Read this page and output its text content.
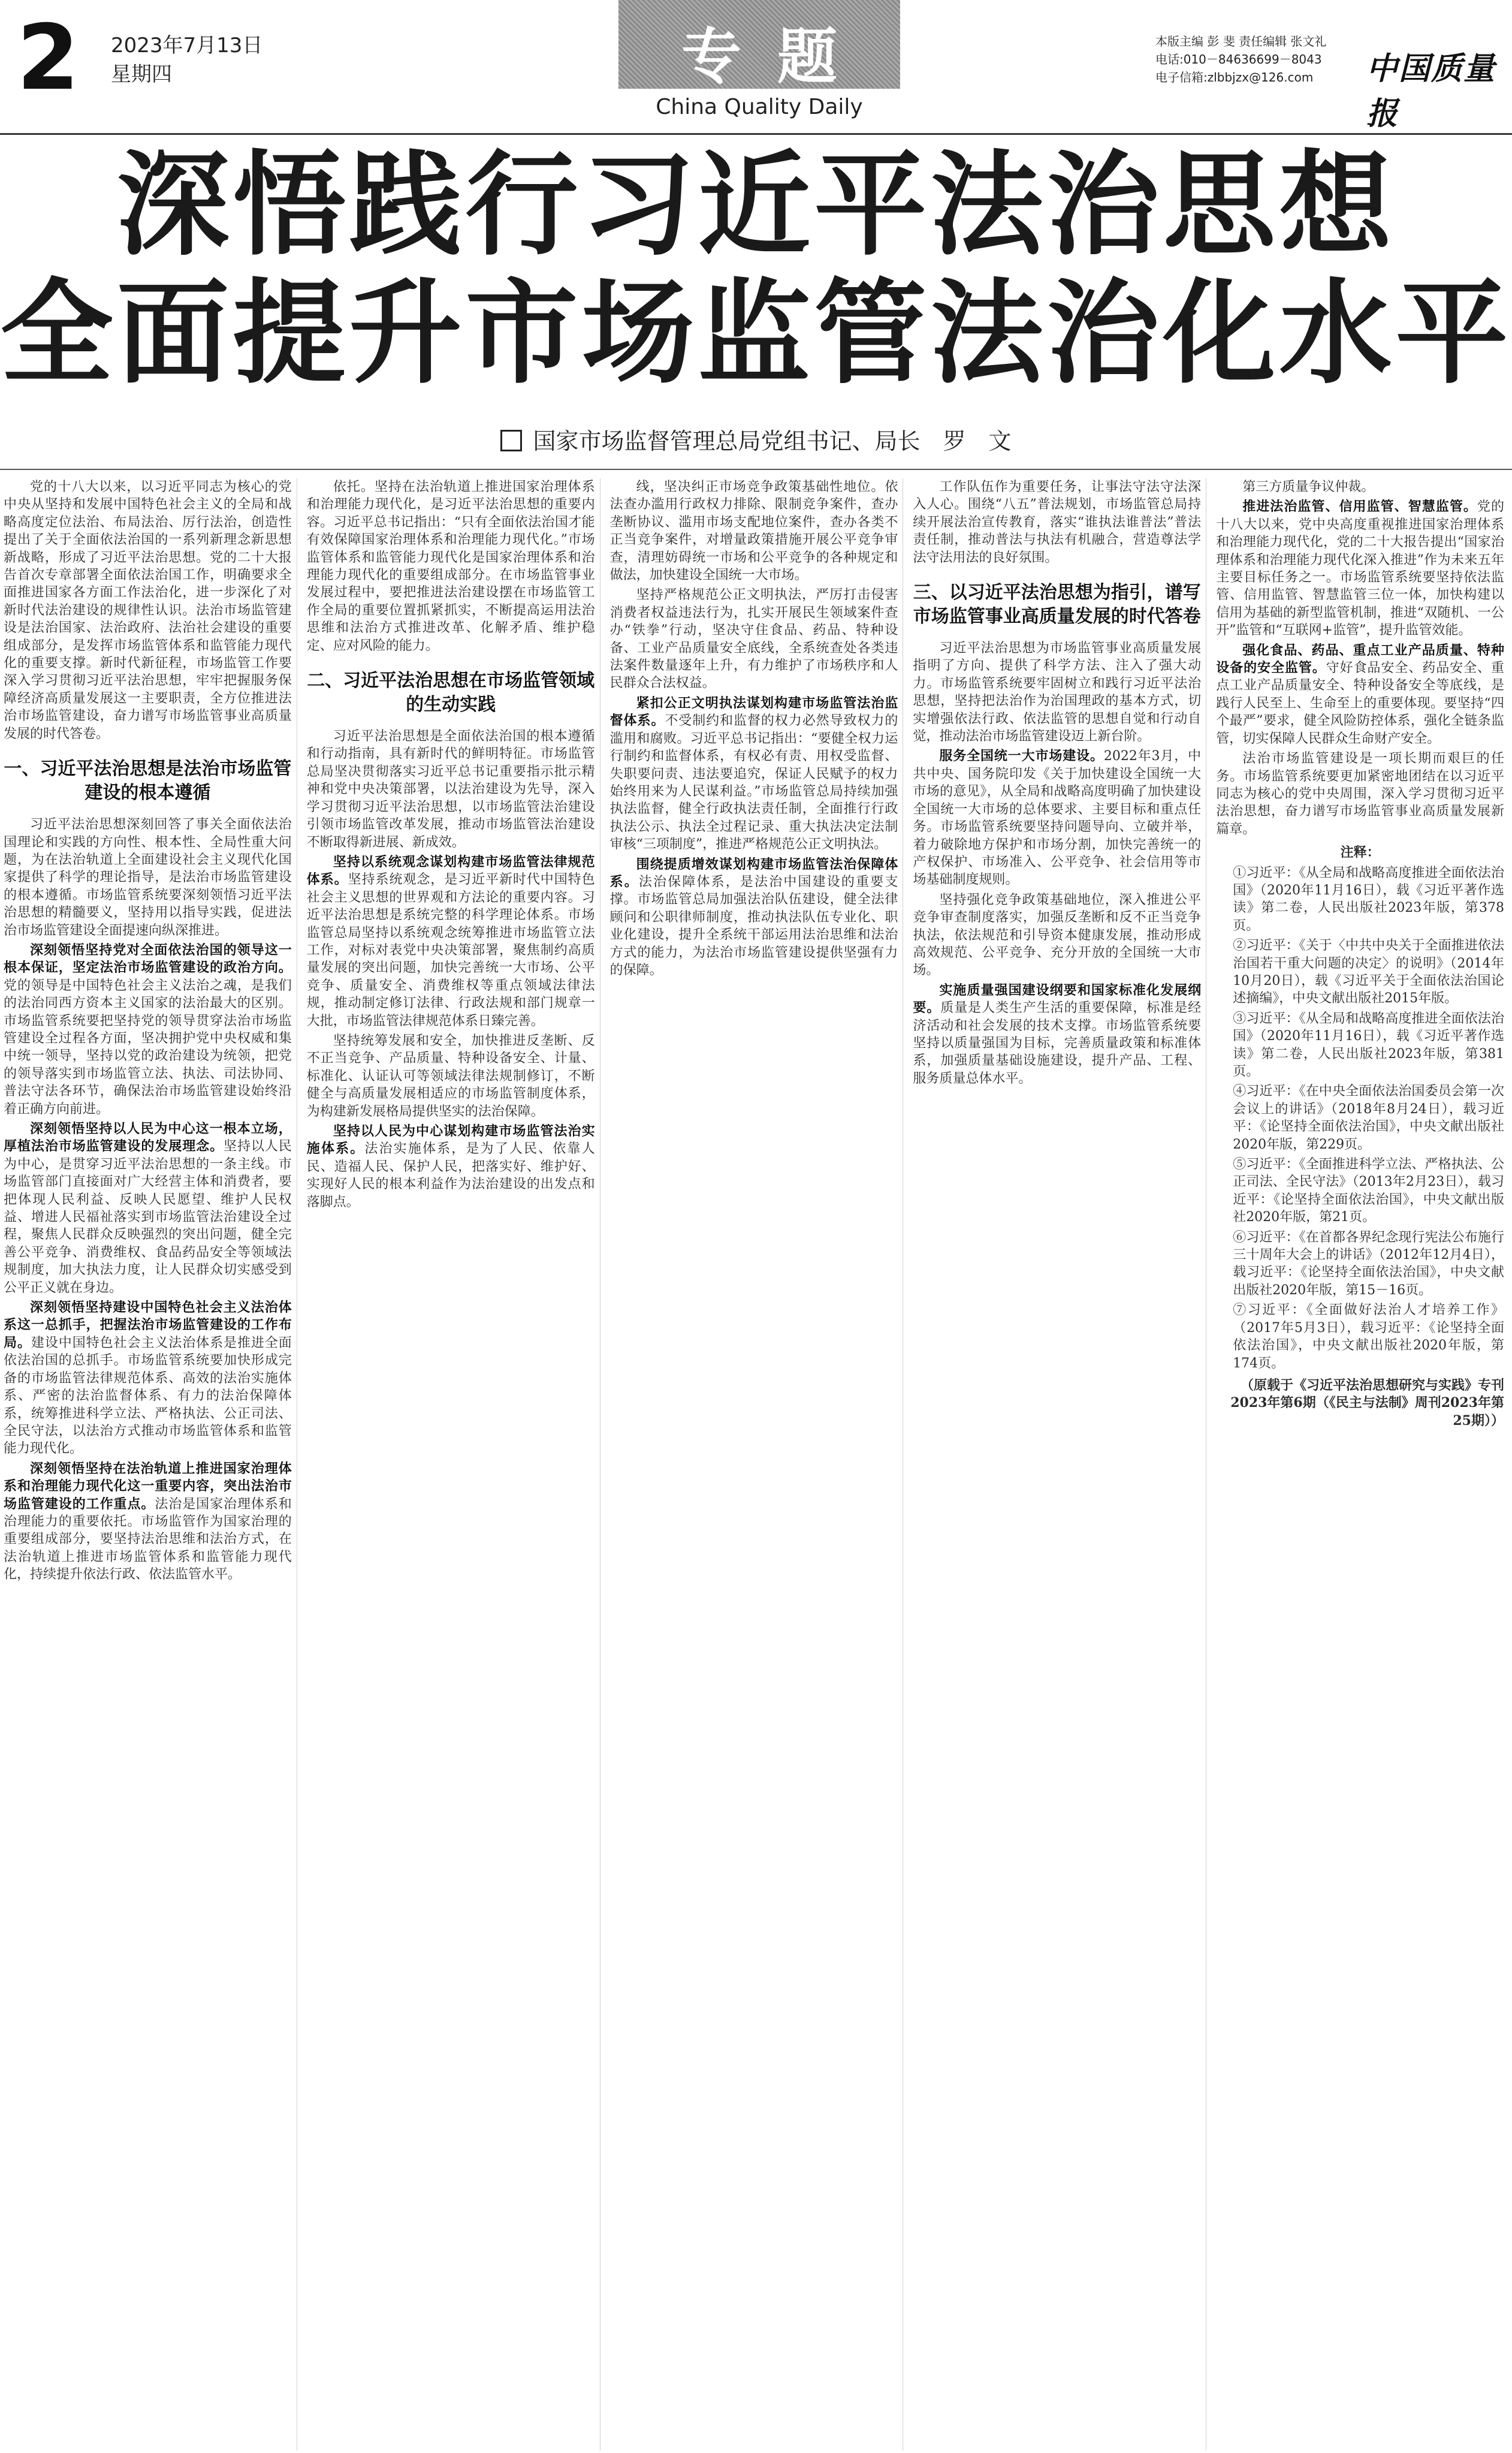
2 2023年7月13日
星期四	专题
China Quality Daily
本版主编 彭 斐 责任编辑 张文礼
电话:010－84636699－8043
电子信箱:zlbbjzx@126.com	中国质量报
深悟践行习近平法治思想
全面提升市场监管法治化水平
国家市场监督管理总局党组书记、局长　罗　文

党的十八大以来，以习近平同志为核心的党中央从坚持和发展中国特色社会主义的全局和战略高度定位法治、布局法治、厉行法治，创造性提出了关于全面依法治国的一系列新理念新思想新战略，形成了习近平法治思想。党的二十大报告首次专章部署全面依法治国工作，明确要求全面推进国家各方面工作法治化，进一步深化了对新时代法治建设的规律性认识。法治市场监管建设是法治国家、法治政府、法治社会建设的重要组成部分，是发挥市场监管体系和监管能力现代化的重要支撑。新时代新征程，市场监管工作要深入学习贯彻习近平法治思想，牢牢把握服务保障经济高质量发展这一主要职责，全方位推进法治市场监管建设，奋力谱写市场监管事业高质量发展的时代答卷。

一、习近平法治思想是法治市场监管建设的根本遵循

习近平法治思想深刻回答了事关全面依法治国理论和实践的方向性、根本性、全局性重大问题，为在法治轨道上全面建设社会主义现代化国家提供了科学的理论指导，是法治市场监管建设的根本遵循。市场监管系统要深刻领悟习近平法治思想的精髓要义，坚持用以指导实践，促进法治市场监管建设全面提速向纵深推进。

深刻领悟坚持党对全面依法治国的领导这一根本保证，坚定法治市场监管建设的政治方向。党的领导是中国特色社会主义法治之魂，是我们的法治同西方资本主义国家的法治最大的区别。市场监管系统要把坚持党的领导贯穿法治市场监管建设全过程各方面，坚决拥护党中央权威和集中统一领导，坚持以党的政治建设为统领，把党的领导落实到市场监管立法、执法、司法协同、普法守法各环节，确保法治市场监管建设始终沿着正确方向前进。

深刻领悟坚持以人民为中心这一根本立场，厚植法治市场监管建设的发展理念。坚持以人民为中心，是贯穿习近平法治思想的一条主线。市场监管部门直接面对广大经营主体和消费者，要把体现人民利益、反映人民愿望、维护人民权益、增进人民福祉落实到市场监管法治建设全过程，聚焦人民群众反映强烈的突出问题，健全完善公平竞争、消费维权、食品药品安全等领域法规制度，加大执法力度，让人民群众切实感受到公平正义就在身边。

深刻领悟坚持建设中国特色社会主义法治体系这一总抓手，把握法治市场监管建设的工作布局。建设中国特色社会主义法治体系是推进全面依法治国的总抓手。市场监管系统要加快形成完备的市场监管法律规范体系、高效的法治实施体系、严密的法治监督体系、有力的法治保障体系，统筹推进科学立法、严格执法、公正司法、全民守法，以法治方式推动市场监管体系和监管能力现代化。

深刻领悟坚持在法治轨道上推进国家治理体系和治理能力现代化这一重要内容，突出法治市场监管建设的工作重点。法治是国家治理体系和治理能力的重要依托。市场监管作为国家治理的重要组成部分，要坚持法治思维和法治方式，在法治轨道上推进市场监管体系和监管能力现代化，持续提升依法行政、依法监管水平。

依托。坚持在法治轨道上推进国家治理体系和治理能力现代化，是习近平法治思想的重要内容。习近平总书记指出：“只有全面依法治国才能有效保障国家治理体系和治理能力现代化。”市场监管体系和监管能力现代化是国家治理体系和治理能力现代化的重要组成部分。在市场监管事业发展过程中，要把推进法治建设摆在市场监管工作全局的重要位置抓紧抓实，不断提高运用法治思维和法治方式推进改革、化解矛盾、维护稳定、应对风险的能力。

二、习近平法治思想在市场监管领域的生动实践

习近平法治思想是全面依法治国的根本遵循和行动指南，具有新时代的鲜明特征。市场监管总局坚决贯彻落实习近平总书记重要指示批示精神和党中央决策部署，以法治建设为先导，深入学习贯彻习近平法治思想，以市场监管法治建设引领市场监管改革发展，推动市场监管法治建设不断取得新进展、新成效。

坚持以系统观念谋划构建市场监管法律规范体系。坚持系统观念，是习近平新时代中国特色社会主义思想的世界观和方法论的重要内容。习近平法治思想是系统完整的科学理论体系。市场监管总局坚持以系统观念统筹推进市场监管立法工作，对标对表党中央决策部署，聚焦制约高质量发展的突出问题，加快完善统一大市场、公平竞争、质量安全、消费维权等重点领域法律法规，推动制定修订法律、行政法规和部门规章一大批，市场监管法律规范体系日臻完善。

坚持统筹发展和安全，加快推进反垄断、反不正当竞争、产品质量、特种设备安全、计量、标准化、认证认可等领域法律法规制修订，不断健全与高质量发展相适应的市场监管制度体系，为构建新发展格局提供坚实的法治保障。

坚持以人民为中心谋划构建市场监管法治实施体系。法治实施体系，是为了人民、依靠人民、造福人民、保护人民，把落实好、维护好、实现好人民的根本利益作为法治建设的出发点和落脚点。

线，坚决纠正市场竞争政策基础性地位。依法查办滥用行政权力排除、限制竞争案件，查办垄断协议、滥用市场支配地位案件，查办各类不正当竞争案件，对增量政策措施开展公平竞争审查，清理妨碍统一市场和公平竞争的各种规定和做法，加快建设全国统一大市场。

坚持严格规范公正文明执法，严厉打击侵害消费者权益违法行为，扎实开展民生领域案件查办“铁拳”行动，坚决守住食品、药品、特种设备、工业产品质量安全底线，全系统查处各类违法案件数量逐年上升，有力维护了市场秩序和人民群众合法权益。

紧扣公正文明执法谋划构建市场监管法治监督体系。不受制约和监督的权力必然导致权力的滥用和腐败。习近平总书记指出：“要健全权力运行制约和监督体系，有权必有责、用权受监督、失职要问责、违法要追究，保证人民赋予的权力始终用来为人民谋利益。”市场监管总局持续加强执法监督，健全行政执法责任制，全面推行行政执法公示、执法全过程记录、重大执法决定法制审核“三项制度”，推进严格规范公正文明执法。

围绕提质增效谋划构建市场监管法治保障体系。法治保障体系，是法治中国建设的重要支撑。市场监管总局加强法治队伍建设，健全法律顾问和公职律师制度，推动执法队伍专业化、职业化建设，提升全系统干部运用法治思维和法治方式的能力，为法治市场监管建设提供坚强有力的保障。

工作队伍作为重要任务，让事法守法守法深入人心。围绕“八五”普法规划，市场监管总局持续开展法治宣传教育，落实“谁执法谁普法”普法责任制，推动普法与执法有机融合，营造尊法学法守法用法的良好氛围。

三、以习近平法治思想为指引，谱写市场监管事业高质量发展的时代答卷

习近平法治思想为市场监管事业高质量发展指明了方向、提供了科学方法、注入了强大动力。市场监管系统要牢固树立和践行习近平法治思想，坚持把法治作为治国理政的基本方式，切实增强依法行政、依法监管的思想自觉和行动自觉，推动法治市场监管建设迈上新台阶。

服务全国统一大市场建设。2022年3月，中共中央、国务院印发《关于加快建设全国统一大市场的意见》，从全局和战略高度明确了加快建设全国统一大市场的总体要求、主要目标和重点任务。市场监管系统要坚持问题导向、立破并举，着力破除地方保护和市场分割，加快完善统一的产权保护、市场准入、公平竞争、社会信用等市场基础制度规则。

坚持强化竞争政策基础地位，深入推进公平竞争审查制度落实，加强反垄断和反不正当竞争执法，依法规范和引导资本健康发展，推动形成高效规范、公平竞争、充分开放的全国统一大市场。

实施质量强国建设纲要和国家标准化发展纲要。质量是人类生产生活的重要保障，标准是经济活动和社会发展的技术支撑。市场监管系统要坚持以质量强国为目标，完善质量政策和标准体系，加强质量基础设施建设，提升产品、工程、服务质量总体水平。

第三方质量争议仲裁。

推进法治监管、信用监管、智慧监管。党的十八大以来，党中央高度重视推进国家治理体系和治理能力现代化，党的二十大报告提出“国家治理体系和治理能力现代化深入推进”作为未来五年主要目标任务之一。市场监管系统要坚持依法监管、信用监管、智慧监管三位一体，加快构建以信用为基础的新型监管机制，推进“双随机、一公开”监管和“互联网+监管”，提升监管效能。

强化食品、药品、重点工业产品质量、特种设备的安全监管。守好食品安全、药品安全、重点工业产品质量安全、特种设备安全等底线，是践行人民至上、生命至上的重要体现。要坚持“四个最严”要求，健全风险防控体系，强化全链条监管，切实保障人民群众生命财产安全。

法治市场监管建设是一项长期而艰巨的任务。市场监管系统要更加紧密地团结在以习近平同志为核心的党中央周围，深入学习贯彻习近平法治思想，奋力谱写市场监管事业高质量发展新篇章。

注释：

①习近平：《从全局和战略高度推进全面依法治国》（2020年11月16日），载《习近平著作选读》第二卷，人民出版社2023年版，第378页。

②习近平：《关于〈中共中央关于全面推进依法治国若干重大问题的决定〉的说明》（2014年10月20日），载《习近平关于全面依法治国论述摘编》，中央文献出版社2015年版。

③习近平：《从全局和战略高度推进全面依法治国》（2020年11月16日），载《习近平著作选读》第二卷，人民出版社2023年版，第381页。

④习近平：《在中央全面依法治国委员会第一次会议上的讲话》（2018年8月24日），载习近平：《论坚持全面依法治国》，中央文献出版社2020年版，第229页。

⑤习近平：《全面推进科学立法、严格执法、公正司法、全民守法》（2013年2月23日），载习近平：《论坚持全面依法治国》，中央文献出版社2020年版，第21页。

⑥习近平：《在首都各界纪念现行宪法公布施行三十周年大会上的讲话》（2012年12月4日），载习近平：《论坚持全面依法治国》，中央文献出版社2020年版，第15－16页。

⑦习近平：《全面做好法治人才培养工作》（2017年5月3日），载习近平：《论坚持全面依法治国》，中央文献出版社2020年版，第174页。

（原载于《习近平法治思想研究与实践》专刊2023年第6期（《民主与法制》周刊2023年第25期））
